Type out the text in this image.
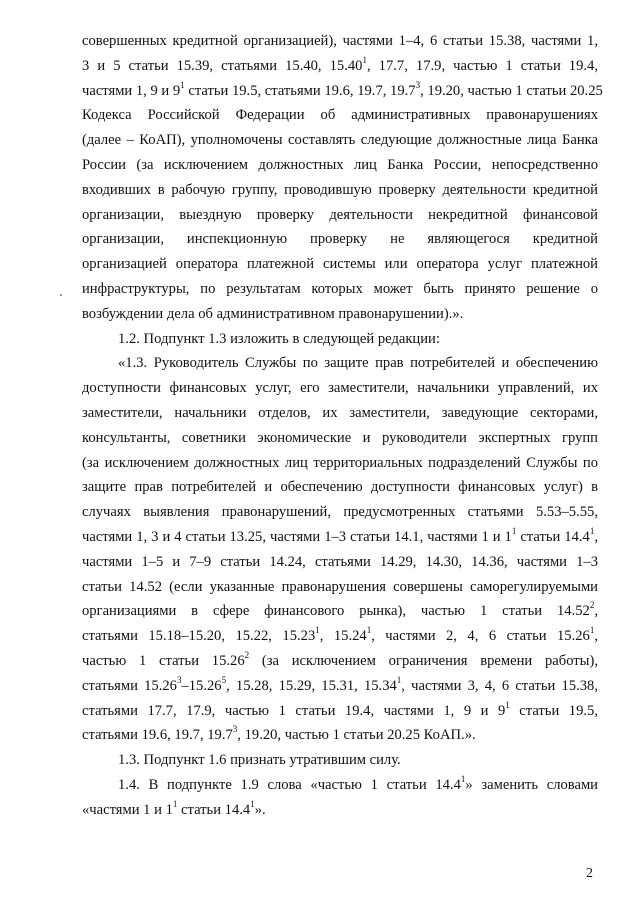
совершенных кредитной организацией), частями 1–4, 6 статьи 15.38, частями 1,
3 и 5 статьи 15.39, статьями 15.40, 15.40$^1$, 17.7, 17.9, частью 1 статьи 19.4,
частями 1, 9 и $9^1$ статьи 19.5, статьями 19.6, 19.7, 19.7$^3$, 19.20, частью 1 статьи 20.25
Кодекса Российской Федерации об административных правонарушениях
(далее – КоАП), уполномочены составлять следующие должностные лица Банка
России (за исключением должностных лиц Банка России, непосредственно
входивших в рабочую группу, проводившую проверку деятельности кредитной
организации, выездную проверку деятельности некредитной финансовой
организации, инспекционную проверку не являющегося кредитной
организацией оператора платежной системы или оператора услуг платежной
инфраструктуры, по результатам которых может быть принято решение о
возбуждении дела об административном правонарушении).».
1.2. Подпункт 1.3 изложить в следующей редакции:
«1.3. Руководитель Службы по защите прав потребителей и обеспечению
доступности финансовых услуг, его заместители, начальники управлений, их
заместители, начальники отделов, их заместители, заведующие секторами,
консультанты, советники экономические и руководители экспертных групп
(за исключением должностных лиц территориальных подразделений Службы по
защите прав потребителей и обеспечению доступности финансовых услуг) в
случаях выявления правонарушений, предусмотренных статьями 5.53–5.55,
частями 1, 3 и 4 статьи 13.25, частями 1–3 статьи 14.1, частями 1 и $1^1$ статьи 14.4$^1$,
частями 1–5 и 7–9 статьи 14.24, статьями 14.29, 14.30, 14.36, частями 1–3
статьи 14.52 (если указанные правонарушения совершены саморегулируемыми
организациями в сфере финансового рынка), частью 1 статьи 14.52$^2$,
статьями 15.18–15.20, 15.22, 15.23$^1$, 15.24$^1$, частями 2, 4, 6 статьи 15.26$^1$,
частью 1 статьи 15.26$^2$ (за исключением ограничения времени работы),
статьями 15.26$^3$–15.26$^5$, 15.28, 15.29, 15.31, 15.34$^1$, частями 3, 4, 6 статьи 15.38,
статьями 17.7, 17.9, частью 1 статьи 19.4, частями 1, 9 и $9^1$ статьи 19.5,
статьями 19.6, 19.7, 19.7$^3$, 19.20, частью 1 статьи 20.25 КоАП.».
1.3. Подпункт 1.6 признать утратившим силу.
1.4. В подпункте 1.9 слова «частью 1 статьи 14.4$^1$» заменить словами
«частями 1 и $1^1$ статьи 14.4$^1$».
2
